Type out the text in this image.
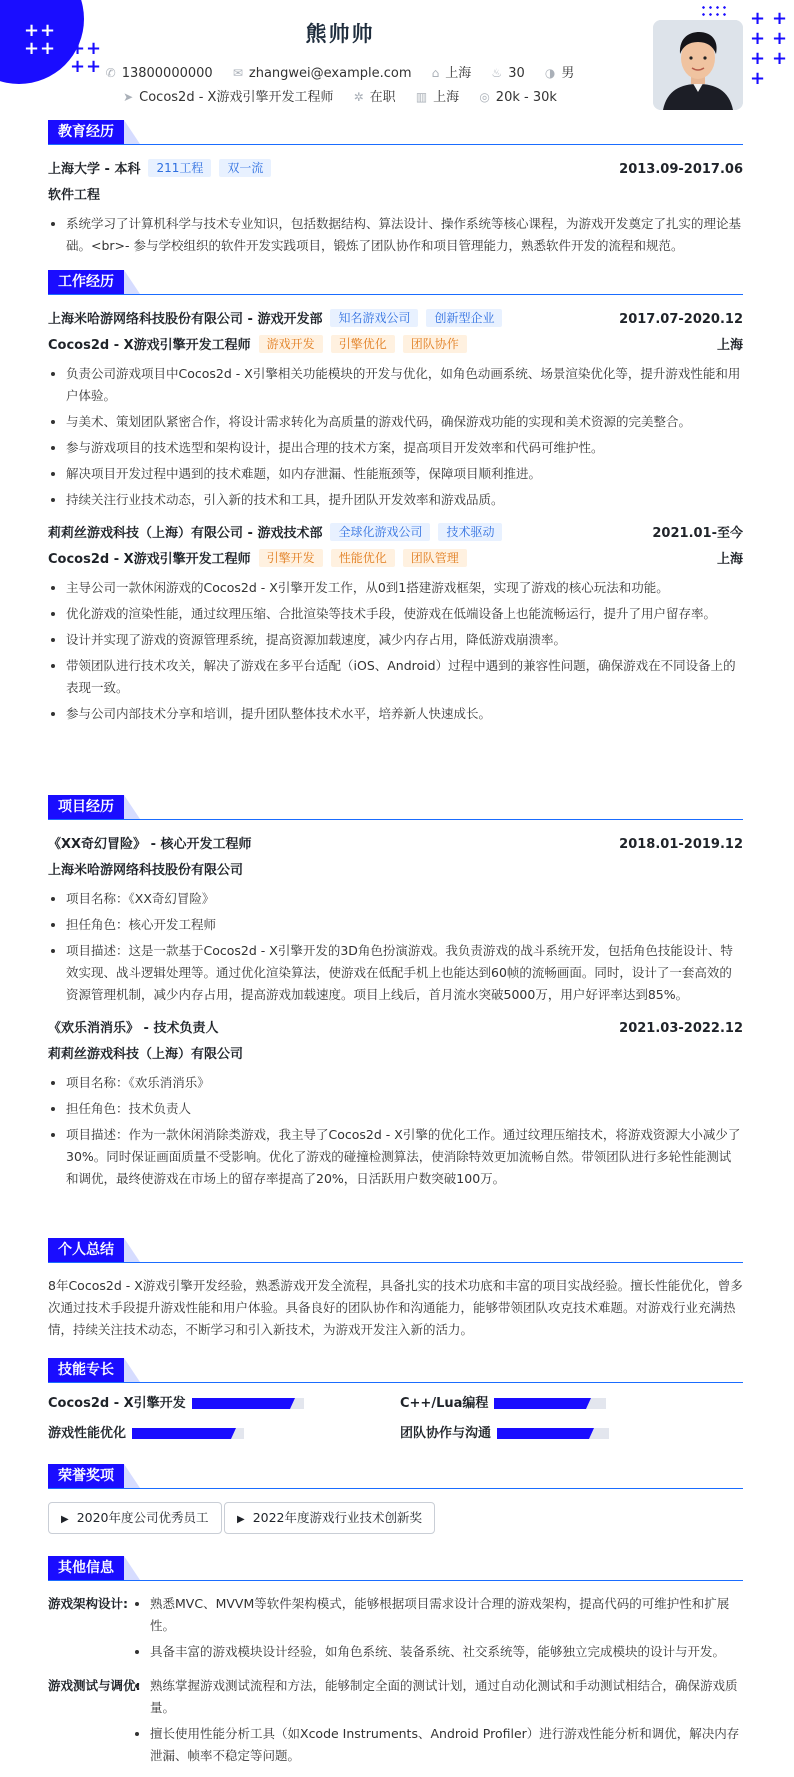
+ +
+ + + +
+ +
+ +
+ +
+ +
+
熊帅帅
✆ 13800000000 ✉ zhangwei@example.com ⌂ 上海 ♨ 30 ◑ 男
➤ Cocos2d - X游戏引擎开发工程师 ✲ 在职 ▥ 上海 ◎ 20k - 30k
教育经历
上海大学 - 本科 211工程 双一流	2013.09-2017.06
软件工程
• 系统学习了计算机科学与技术专业知识，包括数据结构、算法设计、操作系统等核心课程，为游戏开发奠定了扎实的理论基础。<br>- 参与学校组织的软件开发实践项目，锻炼了团队协作和项目管理能力，熟悉软件开发的流程和规范。
工作经历
上海米哈游网络科技股份有限公司 - 游戏开发部 知名游戏公司 创新型企业	2017.07-2020.12
Cocos2d - X游戏引擎开发工程师 游戏开发 引擎优化 团队协作	上海
• 负责公司游戏项目中Cocos2d - X引擎相关功能模块的开发与优化，如角色动画系统、场景渲染优化等，提升游戏性能和用户体验。
• 与美术、策划团队紧密合作，将设计需求转化为高质量的游戏代码，确保游戏功能的实现和美术资源的完美整合。
• 参与游戏项目的技术选型和架构设计，提出合理的技术方案，提高项目开发效率和代码可维护性。
• 解决项目开发过程中遇到的技术难题，如内存泄漏、性能瓶颈等，保障项目顺利推进。
• 持续关注行业技术动态，引入新的技术和工具，提升团队开发效率和游戏品质。
莉莉丝游戏科技（上海）有限公司 - 游戏技术部 全球化游戏公司 技术驱动	2021.01-至今
Cocos2d - X游戏引擎开发工程师 引擎开发 性能优化 团队管理	上海
• 主导公司一款休闲游戏的Cocos2d - X引擎开发工作，从0到1搭建游戏框架，实现了游戏的核心玩法和功能。
• 优化游戏的渲染性能，通过纹理压缩、合批渲染等技术手段，使游戏在低端设备上也能流畅运行，提升了用户留存率。
• 设计并实现了游戏的资源管理系统，提高资源加载速度，减少内存占用，降低游戏崩溃率。
• 带领团队进行技术攻关，解决了游戏在多平台适配（iOS、Android）过程中遇到的兼容性问题，确保游戏在不同设备上的表现一致。
• 参与公司内部技术分享和培训，提升团队整体技术水平，培养新人快速成长。
项目经历
《XX奇幻冒险》 - 核心开发工程师	2018.01-2019.12
上海米哈游网络科技股份有限公司
• 项目名称：《XX奇幻冒险》
• 担任角色：核心开发工程师
• 项目描述：这是一款基于Cocos2d - X引擎开发的3D角色扮演游戏。我负责游戏的战斗系统开发，包括角色技能设计、特效实现、战斗逻辑处理等。通过优化渲染算法，使游戏在低配手机上也能达到60帧的流畅画面。同时，设计了一套高效的资源管理机制，减少内存占用，提高游戏加载速度。项目上线后，首月流水突破5000万，用户好评率达到85%。
《欢乐消消乐》 - 技术负责人	2021.03-2022.12
莉莉丝游戏科技（上海）有限公司
• 项目名称：《欢乐消消乐》
• 担任角色：技术负责人
• 项目描述：作为一款休闲消除类游戏，我主导了Cocos2d - X引擎的优化工作。通过纹理压缩技术，将游戏资源大小减少了30%。同时保证画面质量不受影响。优化了游戏的碰撞检测算法，使消除特效更加流畅自然。带领团队进行多轮性能测试和调优，最终使游戏在市场上的留存率提高了20%，日活跃用户数突破100万。
个人总结
8年Cocos2d - X游戏引擎开发经验，熟悉游戏开发全流程，具备扎实的技术功底和丰富的项目实战经验。擅长性能优化，曾多次通过技术手段提升游戏性能和用户体验。具备良好的团队协作和沟通能力，能够带领团队攻克技术难题。对游戏行业充满热情，持续关注技术动态，不断学习和引入新技术，为游戏开发注入新的活力。
技能专长
Cocos2d - X引擎开发	C++/Lua编程
游戏性能优化	团队协作与沟通
荣誉奖项
▶ 2020年度公司优秀员工	▶ 2022年度游戏行业技术创新奖
其他信息
游戏架构设计: • 熟悉MVC、MVVM等软件架构模式，能够根据项目需求设计合理的游戏架构，提高代码的可维护性和扩展性。
• 具备丰富的游戏模块设计经验，如角色系统、装备系统、社交系统等，能够独立完成模块的设计与开发。
游戏测试与调优: • 熟练掌握游戏测试流程和方法，能够制定全面的测试计划，通过自动化测试和手动测试相结合，确保游戏质量。
• 擅长使用性能分析工具（如Xcode Instruments、Android Profiler）进行游戏性能分析和调优，解决内存泄漏、帧率不稳定等问题。
